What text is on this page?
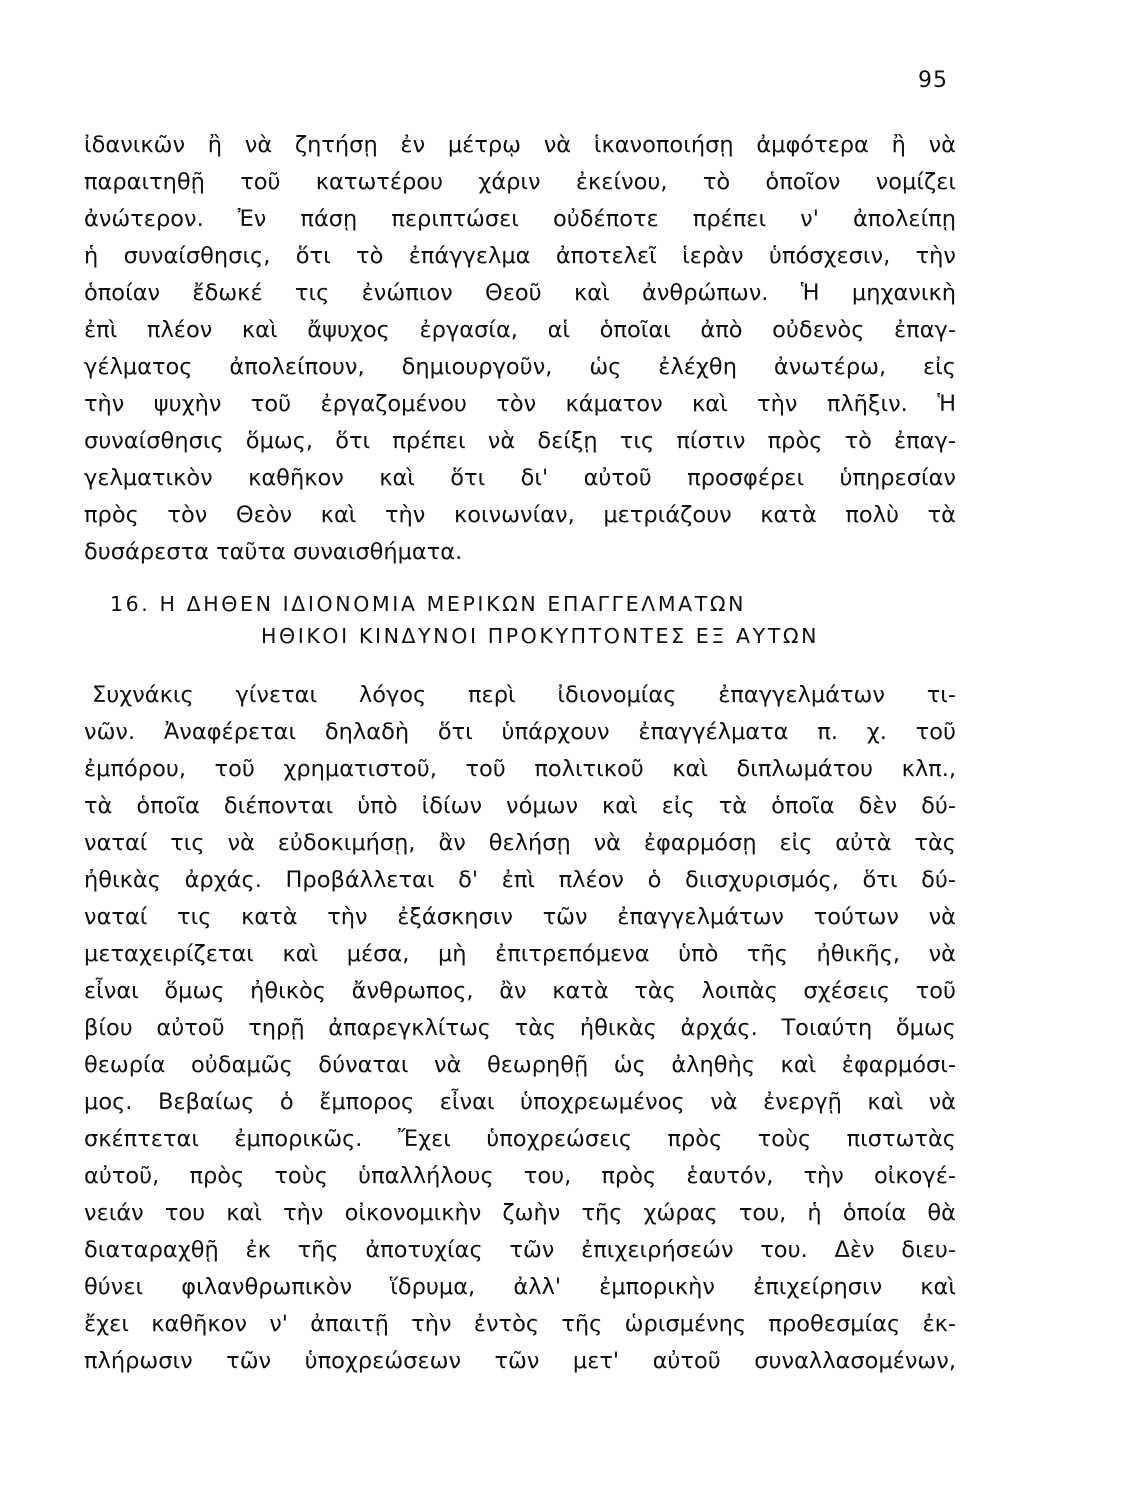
95
ἰδανικῶν ἢ νὰ ζητήσῃ ἐν μέτρῳ νὰ ἱκανοποιήσῃ ἀμφότερα ἢ νὰ
παραιτηθῇ τοῦ κατωτέρου χάριν ἐκείνου, τὸ ὁποῖον νομίζει
ἀνώτερον. Ἐν πάσῃ περιπτώσει οὐδέποτε πρέπει ν' ἀπολείπῃ
ἡ συναίσθησις, ὅτι τὸ ἐπάγγελμα ἀποτελεῖ ἱερὰν ὑπόσχεσιν, τὴν
ὁποίαν ἔδωκέ τις ἐνώπιον Θεοῦ καὶ ἀνθρώπων. Ἡ μηχανικὴ
ἐπὶ πλέον καὶ ἄψυχος ἐργασία, αἱ ὁποῖαι ἀπὸ οὐδενὸς ἐπαγ-
γέλματος ἀπολείπουν, δημιουργοῦν, ὡς ἐλέχθη ἀνωτέρω, εἰς
τὴν ψυχὴν τοῦ ἐργαζομένου τὸν κάματον καὶ τὴν πλῆξιν. Ἡ
συναίσθησις ὅμως, ὅτι πρέπει νὰ δείξῃ τις πίστιν πρὸς τὸ ἐπαγ-
γελματικὸν καθῆκον καὶ ὅτι δι' αὐτοῦ προσφέρει ὑπηρεσίαν
πρὸς τὸν Θεὸν καὶ τὴν κοινωνίαν, μετριάζουν κατὰ πολὺ τὰ
δυσάρεστα ταῦτα συναισθήματα.
16. Η ΔΗΘΕΝ ΙΔΙΟΝΟΜΙΑ ΜΕΡΙΚΩΝ ΕΠΑΓΓΕΛΜΑΤΩΝ
ΗΘΙΚΟΙ ΚΙΝΔΥΝΟΙ ΠΡΟΚΥΠΤΟΝΤΕΣ ΕΞ ΑΥΤΩΝ
Συχνάκις γίνεται λόγος περὶ ἰδιονομίας ἐπαγγελμάτων τι-
νῶν. Ἀναφέρεται δηλαδὴ ὅτι ὑπάρχουν ἐπαγγέλματα π. χ. τοῦ
ἐμπόρου, τοῦ χρηματιστοῦ, τοῦ πολιτικοῦ καὶ διπλωμάτου κλπ.,
τὰ ὁποῖα διέπονται ὑπὸ ἰδίων νόμων καὶ εἰς τὰ ὁποῖα δὲν δύ-
ναταί τις νὰ εὐδοκιμήσῃ, ἂν θελήσῃ νὰ ἐφαρμόσῃ εἰς αὐτὰ τὰς
ἠθικὰς ἀρχάς. Προβάλλεται δ' ἐπὶ πλέον ὁ διισχυρισμός, ὅτι δύ-
ναταί τις κατὰ τὴν ἐξάσκησιν τῶν ἐπαγγελμάτων τούτων νὰ
μεταχειρίζεται καὶ μέσα, μὴ ἐπιτρεπόμενα ὑπὸ τῆς ἠθικῆς, νὰ
εἶναι ὅμως ἠθικὸς ἄνθρωπος, ἂν κατὰ τὰς λοιπὰς σχέσεις τοῦ
βίου αὐτοῦ τηρῇ ἀπαρεγκλίτως τὰς ἠθικὰς ἀρχάς. Τοιαύτη ὅμως
θεωρία οὐδαμῶς δύναται νὰ θεωρηθῇ ὡς ἀληθὴς καὶ ἐφαρμόσι-
μος. Βεβαίως ὁ ἔμπορος εἶναι ὑποχρεωμένος νὰ ἐνεργῇ καὶ νὰ
σκέπτεται ἐμπορικῶς. Ἔχει ὑποχρεώσεις πρὸς τοὺς πιστωτὰς
αὐτοῦ, πρὸς τοὺς ὑπαλλήλους του, πρὸς ἑαυτόν, τὴν οἰκογέ-
νειάν του καὶ τὴν οἰκονομικὴν ζωὴν τῆς χώρας του, ἡ ὁποία θὰ
διαταραχθῇ ἐκ τῆς ἀποτυχίας τῶν ἐπιχειρήσεών του. Δὲν διευ-
θύνει φιλανθρωπικὸν ἵδρυμα, ἀλλ' ἐμπορικὴν ἐπιχείρησιν καὶ
ἔχει καθῆκον ν' ἀπαιτῇ τὴν ἐντὸς τῆς ὡρισμένης προθεσμίας ἐκ-
πλήρωσιν τῶν ὑποχρεώσεων τῶν μετ' αὐτοῦ συναλλασομένων,
